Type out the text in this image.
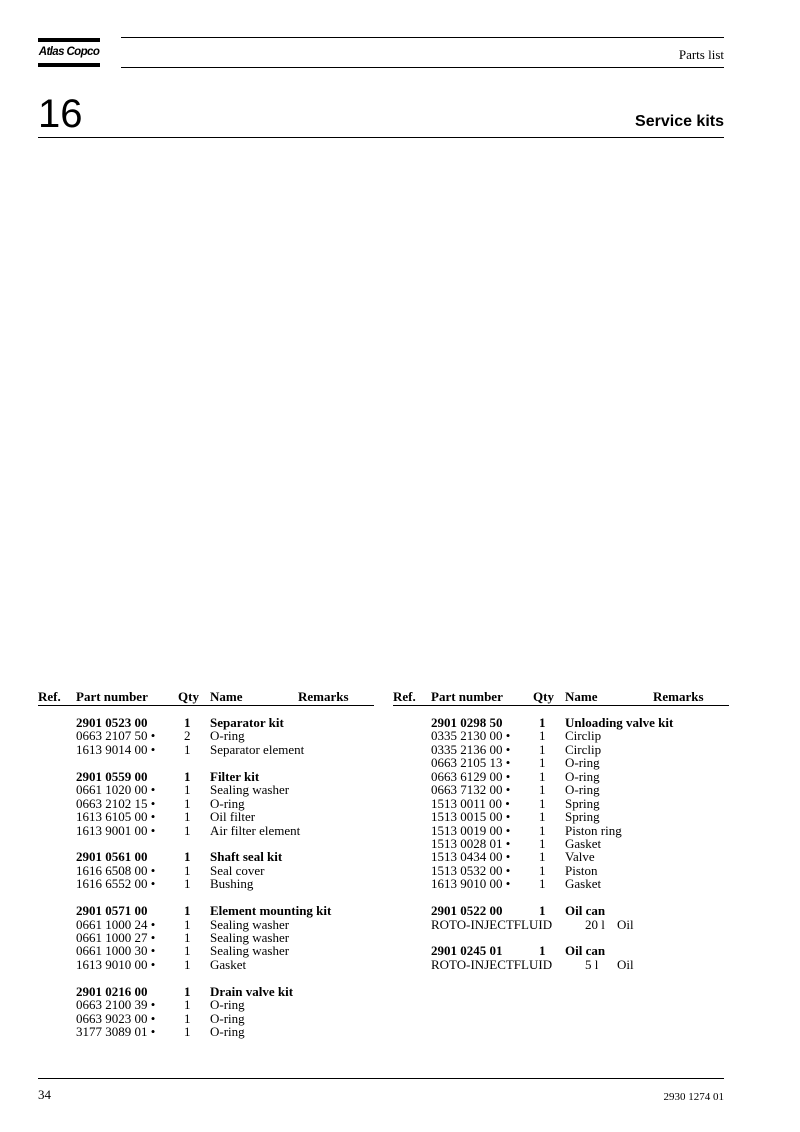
Atlas Copco	Parts list
16	Service kits
Ref. Part number Qty Name	Remarks
2901 0523 00	1 Separator kit
0663 2107 50 • 2 O-ring
1613 9014 00 • 1 Separator element
2901 0559 00	1 Filter kit
0661 1020 00 • 1 Sealing washer
0663 2102 15 • 1 O-ring
1613 6105 00 • 1 Oil filter
1613 9001 00 • 1 Air filter element
2901 0561 00	1 Shaft seal kit
1616 6508 00 • 1 Seal cover
1616 6552 00 • 1 Bushing
2901 0571 00	1 Element mounting kit
0661 1000 24 • 1 Sealing washer
0661 1000 27 • 1 Sealing washer
0661 1000 30 • 1 Sealing washer
1613 9010 00 • 1 Gasket
2901 0216 00	1 Drain valve kit
0663 2100 39 • 1 O-ring
0663 9023 00 • 1 O-ring
3177 3089 01 • 1 O-ring
Ref. Part number Qty Name	Remarks
2901 0298 50	1 Unloading valve kit
0335 2130 00 • 1 Circlip
0335 2136 00 • 1 Circlip
0663 2105 13 • 1 O-ring
0663 6129 00 • 1 O-ring
0663 7132 00 • 1 O-ring
1513 0011 00 • 1 Spring
1513 0015 00 • 1 Spring
1513 0019 00 • 1 Piston ring
1513 0028 01 • 1 Gasket
1513 0434 00 • 1 Valve
1513 0532 00 • 1 Piston
1613 9010 00 • 1 Gasket
2901 0522 00	1 Oil can
ROTO-INJECTFLUID	20 l Oil
2901 0245 01	1 Oil can
ROTO-INJECTFLUID	5 l Oil
34	2930 1274 01
